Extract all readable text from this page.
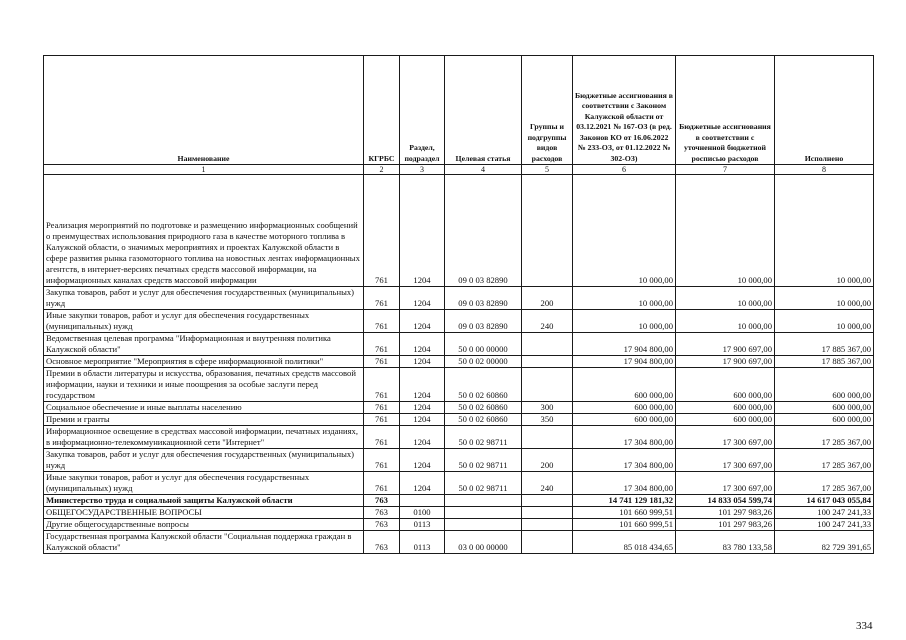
Наименование	КГРБС	Раздел, подраздел	Целевая статья	Группы и подгруппы видов расходов	Бюджетные ассигнования в соответствии с Законом Калужской области от 03.12.2021 № 167-ОЗ (в ред. Законов КО от 16.06.2022 № 233-ОЗ, от 01.12.2022 № 302-ОЗ)	Бюджетные ассигнования в соответствии с уточненной бюджетной росписью расходов	Исполнено
1	2	3	4	5	6	7	8
Реализация мероприятий по подготовке и размещению информационных сообщений о преимуществах использования природного газа в качестве моторного топлива в Калужской области, о значимых мероприятиях и проектах Калужской области в сфере развития рынка газомоторного топлива на новостных лентах информационных агентств, в интернет-версиях печатных средств массовой информации, на информационных каналах средств массовой информации	761	1204	09 0 03 82890		10 000,00	10 000,00	10 000,00
Закупка товаров, работ и услуг для обеспечения государственных (муниципальных) нужд	761	1204	09 0 03 82890	200	10 000,00	10 000,00	10 000,00
Иные закупки товаров, работ и услуг для обеспечения государственных (муниципальных) нужд	761	1204	09 0 03 82890	240	10 000,00	10 000,00	10 000,00
Ведомственная целевая программа "Информационная и внутренняя политика Калужской области"	761	1204	50 0 00 00000		17 904 800,00	17 900 697,00	17 885 367,00
Основное мероприятие "Мероприятия в сфере информационной политики"	761	1204	50 0 02 00000		17 904 800,00	17 900 697,00	17 885 367,00
Премии в области литературы и искусства, образования, печатных средств массовой информации, науки и техники и иные поощрения за особые заслуги перед государством	761	1204	50 0 02 60860		600 000,00	600 000,00	600 000,00
Социальное обеспечение и иные выплаты населению	761	1204	50 0 02 60860	300	600 000,00	600 000,00	600 000,00
Премии и гранты	761	1204	50 0 02 60860	350	600 000,00	600 000,00	600 000,00
Информационное освещение в средствах массовой информации, печатных изданиях, в информационно-телекоммуникационной сети "Интернет"	761	1204	50 0 02 98711		17 304 800,00	17 300 697,00	17 285 367,00
Закупка товаров, работ и услуг для обеспечения государственных (муниципальных) нужд	761	1204	50 0 02 98711	200	17 304 800,00	17 300 697,00	17 285 367,00
Иные закупки товаров, работ и услуг для обеспечения государственных (муниципальных) нужд	761	1204	50 0 02 98711	240	17 304 800,00	17 300 697,00	17 285 367,00
Министерство труда и социальной защиты Калужской области	763				14 741 129 181,32	14 833 054 599,74	14 617 043 055,84
ОБЩЕГОСУДАРСТВЕННЫЕ ВОПРОСЫ	763	0100			101 660 999,51	101 297 983,26	100 247 241,33
Другие общегосударственные вопросы	763	0113			101 660 999,51	101 297 983,26	100 247 241,33
Государственная программа Калужской области "Социальная поддержка граждан в Калужской области"	763	0113	03 0 00 00000		85 018 434,65	83 780 133,58	82 729 391,65
334
